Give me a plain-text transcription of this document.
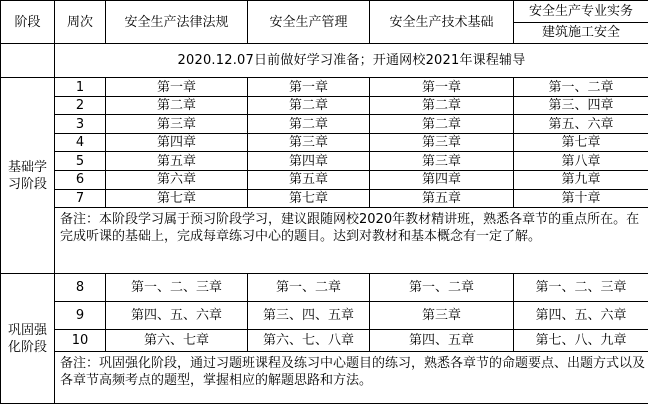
阶段	周次	安全生产法律法规	安全生产管理	安全生产技术基础	安全生产专业实务
					建筑施工安全
	2020.12.07日前做好学习准备；开通网校2021年课程辅导				

基础学
习阶段	1	第一章	第一章	第一章	第一、二章
	2	第二章	第二章	第二章	第三、四章
	3	第三章	第二章	第二章	第五、六章
	4	第四章	第三章	第三章	第七章
	5	第五章	第四章	第三章	第八章
	6	第六章	第五章	第四章	第九章
	7	第七章	第七章	第五章	第十章
	备注：本阶段学习属于预习阶段学习，建议跟随网校2020年教材精讲班，熟悉各章节的重点所在。在完成听课的基础上，完成每章练习中心的题目。达到对教材和基本概念有一定了解。				

巩固强
化阶段	8	第一、二、三章	第一、二章	第一、二章	第一、二、三章
	9	第四、五、六章	第三、四、五章	第三章	第四、五、六章
	10	第六、七章	第六、七、八章	第四、五章	第七、八、九章
	备注：巩固强化阶段，通过习题班课程及练习中心题目的练习，熟悉各章节的命题要点、出题方式以及各章节高频考点的题型，掌握相应的解题思路和方法。				
